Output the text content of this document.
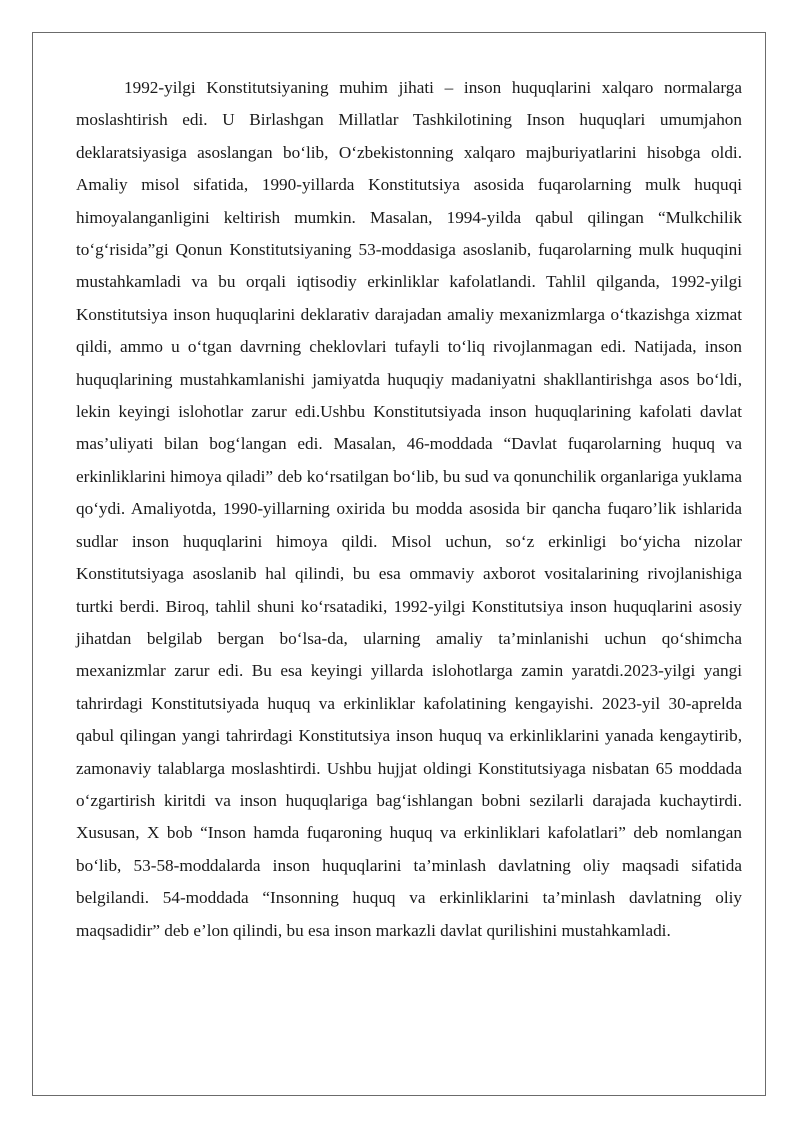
1992-yilgi Konstitutsiyaning muhim jihati – inson huquqlarini xalqaro normalarga moslashtirish edi. U Birlashgan Millatlar Tashkilotining Inson huquqlari umumjahon deklaratsiyasiga asoslangan bo‘lib, O‘zbekistonning xalqaro majburiyatlarini hisobga oldi. Amaliy misol sifatida, 1990-yillarda Konstitutsiya asosida fuqarolarning mulk huquqi himoyalanganligini keltirish mumkin. Masalan, 1994-yilda qabul qilingan “Mulkchilik to‘g‘risida”gi Qonun Konstitutsiyaning 53-moddasiga asoslanib, fuqarolarning mulk huquqini mustahkamladi va bu orqali iqtisodiy erkinliklar kafolatlandi. Tahlil qilganda, 1992-yilgi Konstitutsiya inson huquqlarini deklarativ darajadan amaliy mexanizmlarga o‘tkazishga xizmat qildi, ammo u o‘tgan davrning cheklovlari tufayli to‘liq rivojlanmagan edi. Natijada, inson huquqlarining mustahkamlanishi jamiyatda huquqiy madaniyatni shakllantirishga asos bo‘ldi, lekin keyingi islohotlar zarur edi.Ushbu Konstitutsiyada inson huquqlarining kafolati davlat mas’uliyati bilan bog‘langan edi. Masalan, 46-moddada “Davlat fuqarolarning huquq va erkinliklarini himoya qiladi” deb ko‘rsatilgan bo‘lib, bu sud va qonunchilik organlariga yuklama qo‘ydi. Amaliyotda, 1990-yillarning oxirida bu modda asosida bir qancha fuqaro’lik ishlarida sudlar inson huquqlarini himoya qildi. Misol uchun, so‘z erkinligi bo‘yicha nizolar Konstitutsiyaga asoslanib hal qilindi, bu esa ommaviy axborot vositalarining rivojlanishiga turtki berdi. Biroq, tahlil shuni ko‘rsatadiki, 1992-yilgi Konstitutsiya inson huquqlarini asosiy jihatdan belgilab bergan bo‘lsa-da, ularning amaliy ta’minlanishi uchun qo‘shimcha mexanizmlar zarur edi. Bu esa keyingi yillarda islohotlarga zamin yaratdi.2023-yilgi yangi tahrirdagi Konstitutsiyada huquq va erkinliklar kafolatining kengayishi. 2023-yil 30-aprelda qabul qilingan yangi tahrirdagi Konstitutsiya inson huquq va erkinliklarini yanada kengaytirib, zamonaviy talablarga moslashtirdi. Ushbu hujjat oldingi Konstitutsiyaga nisbatan 65 moddada o‘zgartirish kiritdi va inson huquqlariga bag‘ishlangan bobni sezilarli darajada kuchaytirdi. Xususan, X bob “Inson hamda fuqaroning huquq va erkinliklari kafolatlari” deb nomlangan bo‘lib, 53-58-moddalarda inson huquqlarini ta’minlash davlatning oliy maqsadi sifatida belgilandi. 54-moddada “Insonning huquq va erkinliklarini ta’minlash davlatning oliy maqsadidir” deb e’lon qilindi, bu esa inson markazli davlat qurilishini mustahkamladi.
